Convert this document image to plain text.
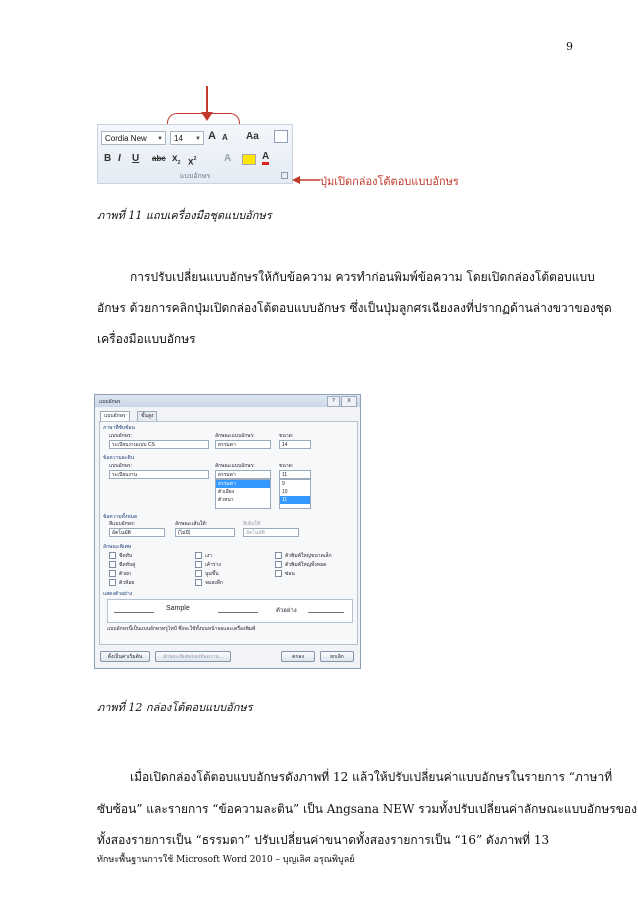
9
Cordia New ▼	14 ▼ A A Aa
B I U abe $x_2$ $x^2$	A	A
แบบอักษร	ปุ่มเปิดกล่องโต้ตอบแบบอักษร
ภาพที่ 11 แถบเครื่องมือชุดแบบอักษร
การปรับเปลี่ยนแบบอักษรให้กับข้อความ ควรทำก่อนพิมพ์ข้อความ โดยเปิดกล่องโต้ตอบแบบ
อักษร ด้วยการคลิกปุ่มเปิดกล่องโต้ตอบแบบอักษร ซึ่งเป็นปุ่มลูกศรเฉียงลงที่ปรากฏด้านล่างขวาของชุด
เครื่องมือแบบอักษร
แบบอักษร	?	X
แบบอักษร	ขั้นสูง
ภาษาที่ซับซ้อน
แบบอักษร:
ระเบียบงานแบบ CS
ลักษณะแบบอักษร:
ธรรมดา
ขนาด:
14
ข้อความละติน
แบบอักษร:
ระเบียบงาน
ลักษณะแบบอักษร:
ธรรมดา
ธรรมดา
ตัวเอียง
ตัวหนา
ขนาด:
11
9
10
11
ข้อความทั้งหมด
สีแบบอักษร:
อัตโนมัติ
ลักษณะเส้นใต้:
(ไม่มี)
สีเส้นใต้:
อัตโนมัติ
ลักษณะพิเศษ
ขีดทับ	เงา	ตัวพิมพ์ใหญ่ขนาดเล็ก
ขีดทับคู่	เค้าร่าง	ตัวพิมพ์ใหญ่ทั้งหมด
ตัวยก	นูนขึ้น	ซ่อน
ตัวห้อย	จมลงลึก
แสดงตัวอย่าง
Sample	ตัวอย่าง
แบบอักษรนี้เป็นแบบอักษรทรูไทป์ ซึ่งจะใช้ทั้งบนหน้าจอและเครื่องพิมพ์
ตั้งเป็นค่าเริ่มต้น	ลักษณะพิเศษของข้อความ...	ตกลง	ยกเลิก
ภาพที่ 12 กล่องโต้ตอบแบบอักษร
เมื่อเปิดกล่องโต้ตอบแบบอักษรดังภาพที่ 12 แล้วให้ปรับเปลี่ยนค่าแบบอักษรในรายการ “ภาษาที่
ซับซ้อน” และรายการ “ข้อความละติน” เป็น Angsana NEW รวมทั้งปรับเปลี่ยนค่าลักษณะแบบอักษรของ
ทั้งสองรายการเป็น “ธรรมดา” ปรับเปลี่ยนค่าขนาดทั้งสองรายการเป็น “16” ดังภาพที่ 13
ทักษะพื้นฐานการใช้ Microsoft Word 2010 – บุญเลิศ อรุณพิบูลย์
